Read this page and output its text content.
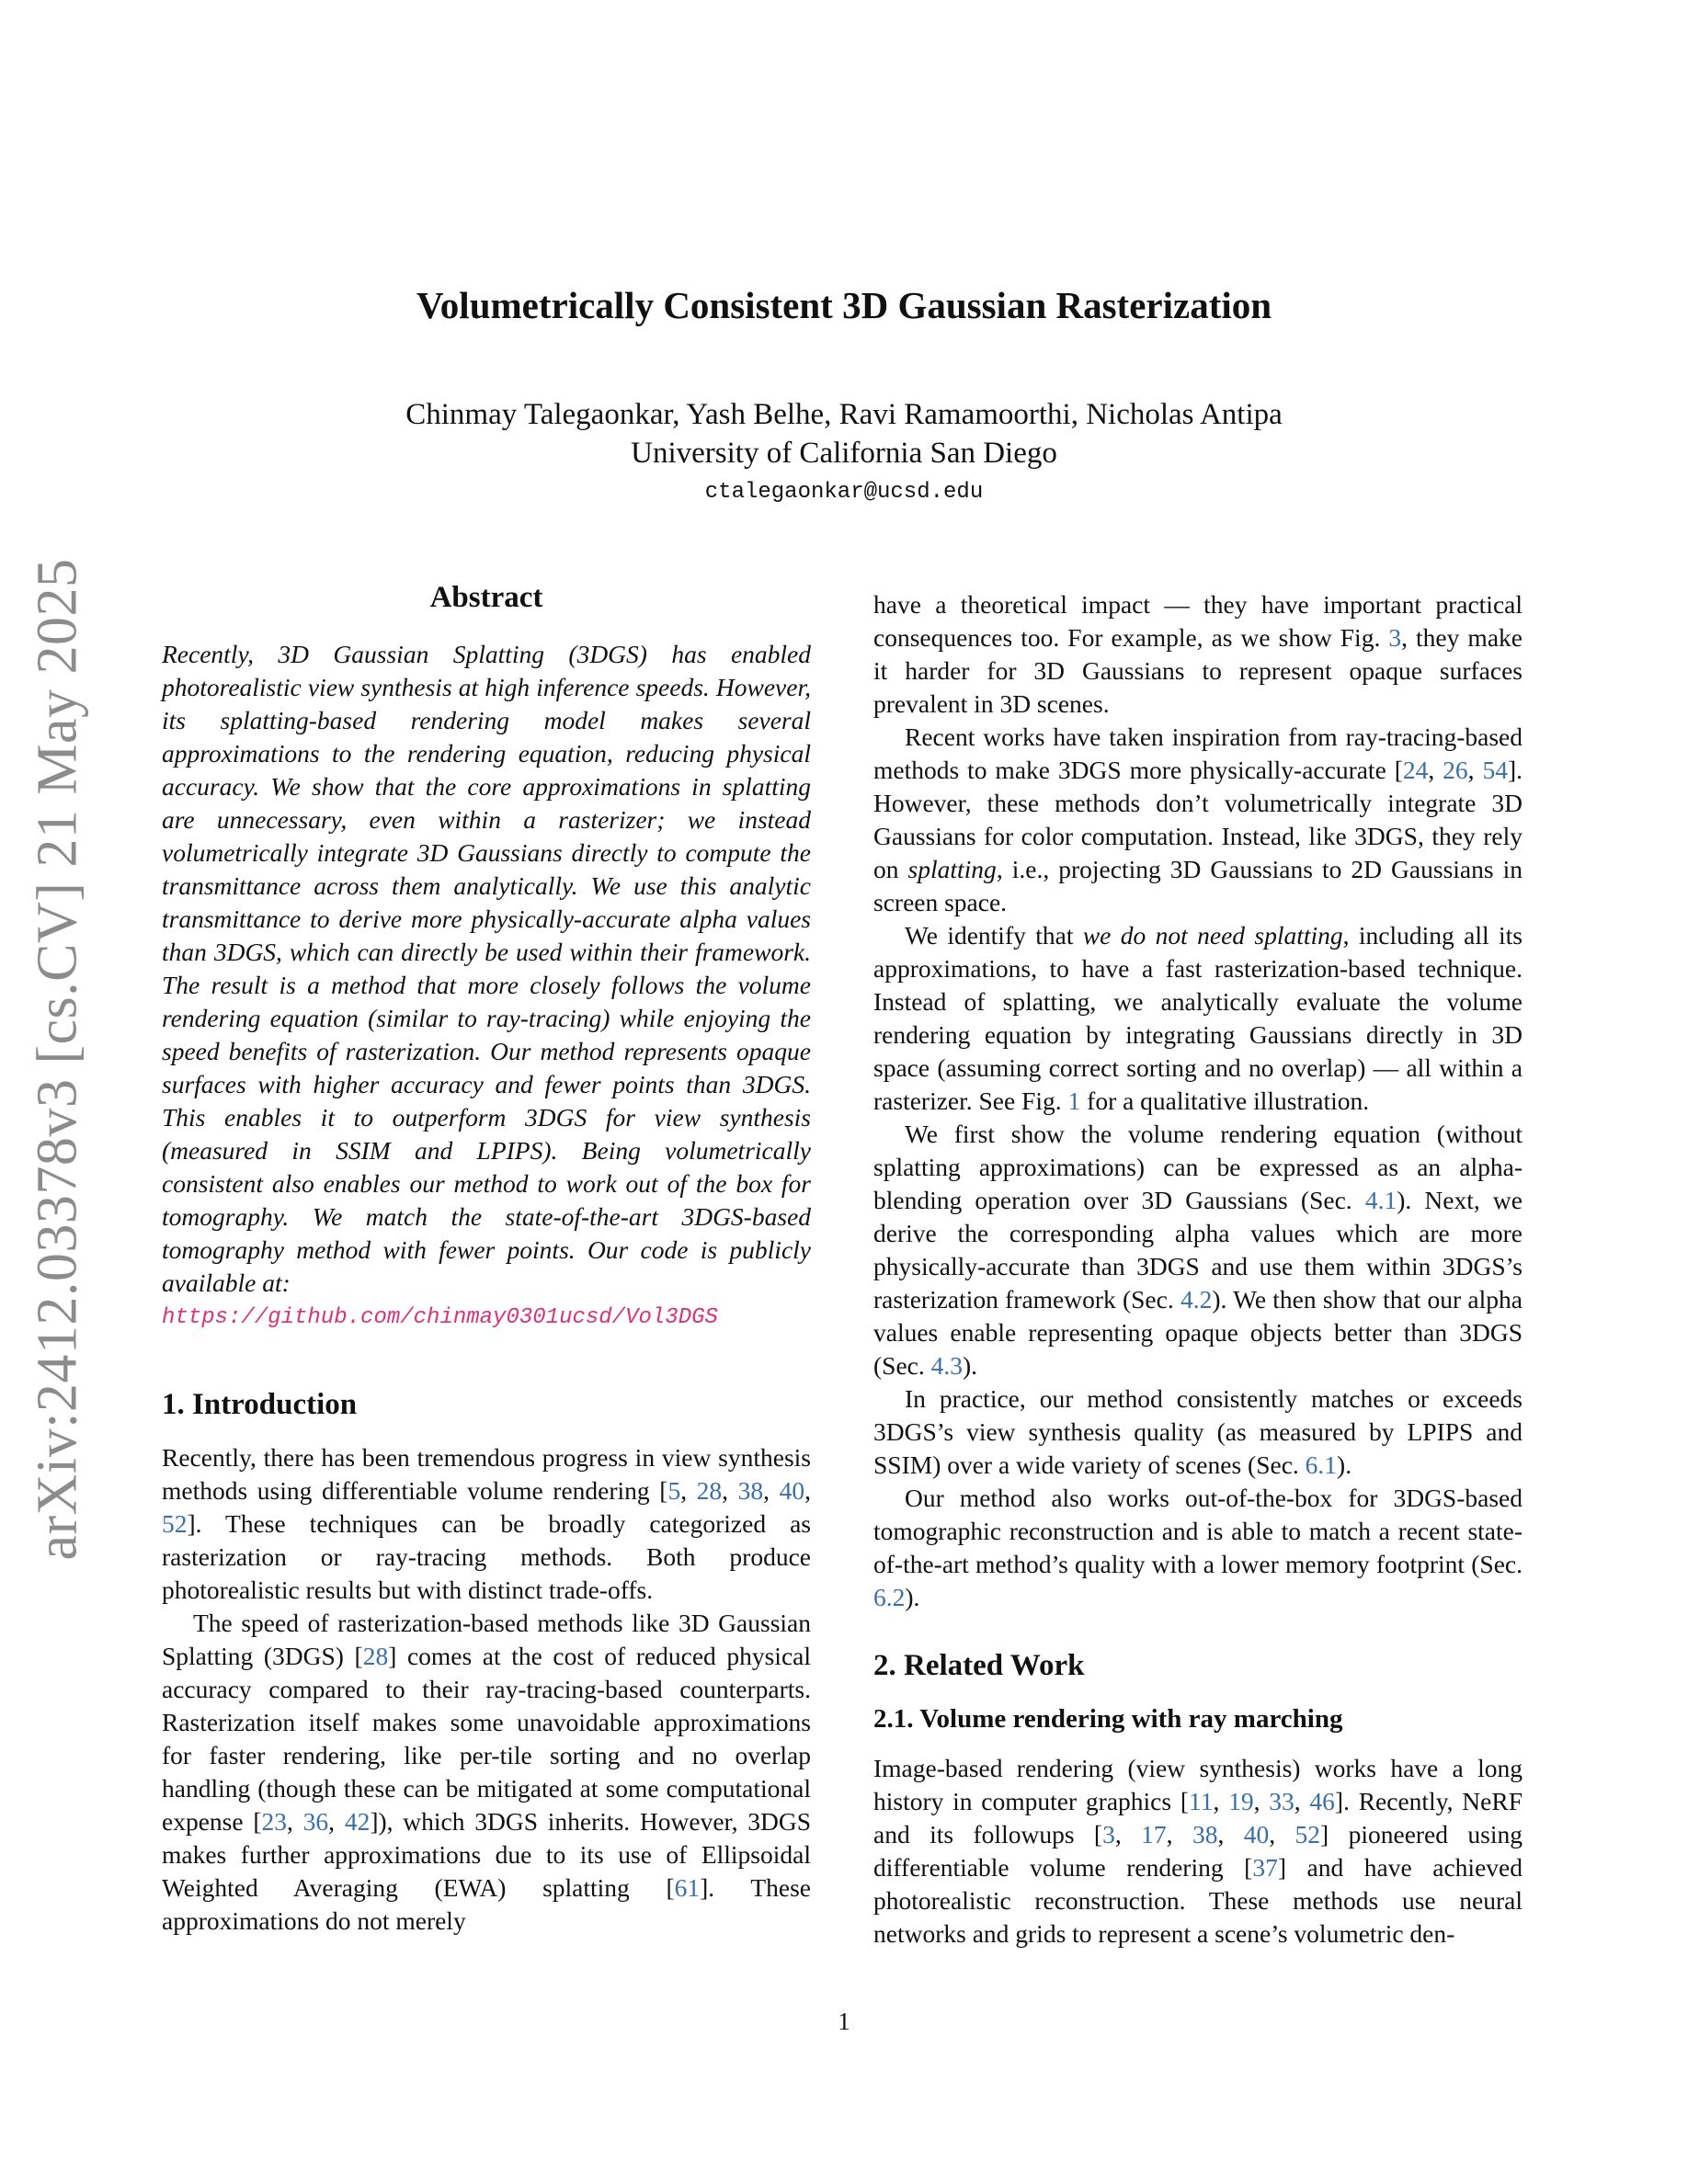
arXiv:2412.03378v3 [cs.CV] 21 May 2025
Volumetrically Consistent 3D Gaussian Rasterization
Chinmay Talegaonkar, Yash Belhe, Ravi Ramamoorthi, Nicholas Antipa
University of California San Diego
ctalegaonkar@ucsd.edu
Abstract

Recently, 3D Gaussian Splatting (3DGS) has enabled photorealistic view synthesis at high inference speeds. However, its splatting-based rendering model makes several approximations to the rendering equation, reducing physical accuracy. We show that the core approximations in splatting are unnecessary, even within a rasterizer; we instead volumetrically integrate 3D Gaussians directly to compute the transmittance across them analytically. We use this analytic transmittance to derive more physically-accurate alpha values than 3DGS, which can directly be used within their framework. The result is a method that more closely follows the volume rendering equation (similar to ray-tracing) while enjoying the speed benefits of rasterization. Our method represents opaque surfaces with higher accuracy and fewer points than 3DGS. This enables it to outperform 3DGS for view synthesis (measured in SSIM and LPIPS). Being volumetrically consistent also enables our method to work out of the box for tomography. We match the state-of-the-art 3DGS-based tomography method with fewer points. Our code is publicly available at:

https://github.com/chinmay0301ucsd/Vol3DGS
1. Introduction

Recently, there has been tremendous progress in view synthesis methods using differentiable volume rendering [5, 28, 38, 40, 52]. These techniques can be broadly categorized as rasterization or ray-tracing methods. Both produce photorealistic results but with distinct trade-offs.

The speed of rasterization-based methods like 3D Gaussian Splatting (3DGS) [28] comes at the cost of reduced physical accuracy compared to their ray-tracing-based counterparts. Rasterization itself makes some unavoidable approximations for faster rendering, like per-tile sorting and no overlap handling (though these can be mitigated at some computational expense [23, 36, 42]), which 3DGS inherits. However, 3DGS makes further approximations due to its use of Ellipsoidal Weighted Averaging (EWA) splatting [61]. These approximations do not merely

have a theoretical impact — they have important practical consequences too. For example, as we show Fig. 3, they make it harder for 3D Gaussians to represent opaque surfaces prevalent in 3D scenes.

Recent works have taken inspiration from ray-tracing-based methods to make 3DGS more physically-accurate [24, 26, 54]. However, these methods don’t volumetrically integrate 3D Gaussians for color computation. Instead, like 3DGS, they rely on splatting, i.e., projecting 3D Gaussians to 2D Gaussians in screen space.

We identify that we do not need splatting, including all its approximations, to have a fast rasterization-based technique. Instead of splatting, we analytically evaluate the volume rendering equation by integrating Gaussians directly in 3D space (assuming correct sorting and no overlap) — all within a rasterizer. See Fig. 1 for a qualitative illustration.

We first show the volume rendering equation (without splatting approximations) can be expressed as an alpha-blending operation over 3D Gaussians (Sec. 4.1). Next, we derive the corresponding alpha values which are more physically-accurate than 3DGS and use them within 3DGS’s rasterization framework (Sec. 4.2). We then show that our alpha values enable representing opaque objects better than 3DGS (Sec. 4.3).

In practice, our method consistently matches or exceeds 3DGS’s view synthesis quality (as measured by LPIPS and SSIM) over a wide variety of scenes (Sec. 6.1).

Our method also works out-of-the-box for 3DGS-based tomographic reconstruction and is able to match a recent state-of-the-art method’s quality with a lower memory footprint (Sec. 6.2).

2. Related Work
2.1. Volume rendering with ray marching

Image-based rendering (view synthesis) works have a long history in computer graphics [11, 19, 33, 46]. Recently, NeRF and its followups [3, 17, 38, 40, 52] pioneered using differentiable volume rendering [37] and have achieved photorealistic reconstruction. These methods use neural networks and grids to represent a scene’s volumetric den-

1
